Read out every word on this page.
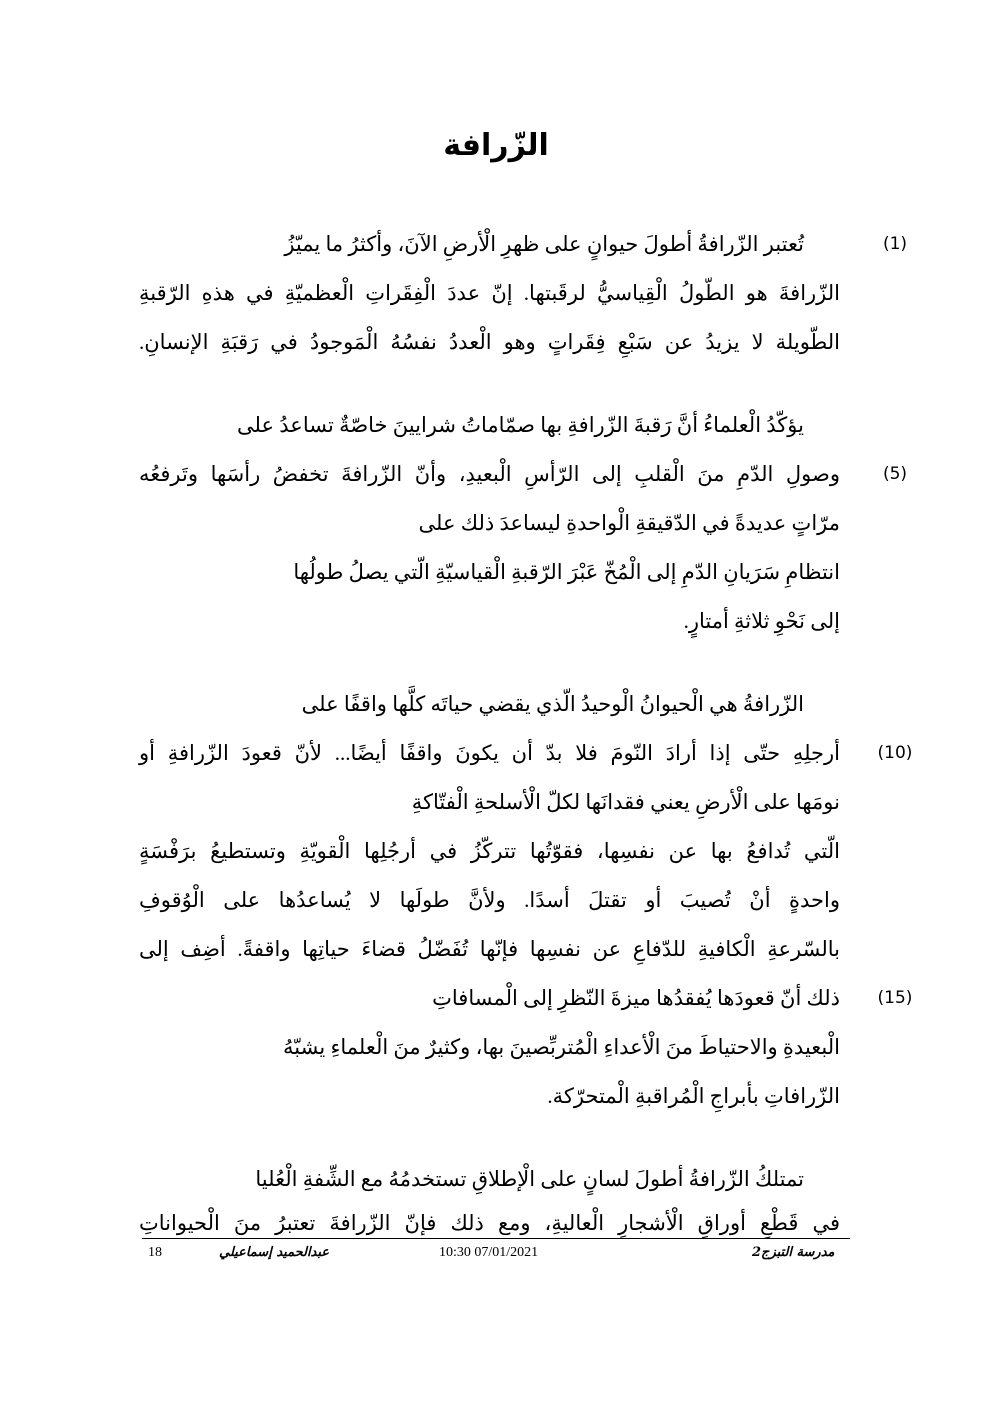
الزّرافة
(1)
تُعتبر الزّرافةُ أطولَ حيوانٍ على ظهرِ الْأرضِ الآنَ، وأكثرُ ما يميّزُ
الزّرافةَ هو الطّولُ الْقِياسيُّ لرقَبتها. إنّ عددَ الْفِقَراتِ الْعظميّةِ في هذهِ الرّقبةِ
الطّويلة لا يزيدُ عن سَبْعِ فِقَراتٍ وهو الْعددُ نفسُهُ الْمَوجودُ في رَقبَةِ الإنسانِ.
يؤكّدُ الْعلماءُ أنَّ رَقبةَ الزّرافةِ بها صمّاماتُ شرايينَ خاصّةٌ تساعدُ على
(5)
وصولِ الدّمِ منَ الْقلبِ إلى الرّأسِ الْبعيدِ، وأنّ الزّرافةَ تخفضُ رأسَها وتَرفعُه
مرّاتٍ عديدةً في الدّقيقةِ الْواحدةِ ليساعدَ ذلك على
انتظامِ سَرَيانِ الدّمِ إلى الْمُخّ عَبْرَ الرّقبةِ الْقياسيّةِ الّتي يصلُ طولُها
إلى نَحْوِ ثلاثةِ أمتارٍ.
الزّرافةُ هي الْحيوانُ الْوحيدُ الّذي يقضي حياتَه كلَّها واقفًا على
(10)
أرجلِهِ حتّى إذا أرادَ النّومَ فلا بدّ أن يكونَ واقفًا أيضًا... لأنّ قعودَ الزّرافةِ أو
نومَها على الْأرضِ يعني فقدانَها لكلّ الْأسلحةِ الْفتّاكةِ
الّتي تُدافعُ بها عن نفسِها، فقوّتُها تتركّزُ في أرجُلِها الْقويّةِ وتستطيعُ برَفْسَةٍ
واحدةٍ أنْ تُصيبَ أو تقتلَ أسدًا. ولأنَّ طولَها لا يُساعدُها على الْوُقوفِ
بالسّرعةِ الْكافيةِ للدّفاعِ عن نفسِها فإنّها تُفَضّلُ قضاءَ حياتِها واقفةً. أضِف إلى
(15)
ذلك أنّ قعودَها يُفقدُها ميزةَ النّظرِ إلى الْمسافاتِ
الْبعيدةِ والاحتياطَ منَ الْأعداءِ الْمُتربِّصينَ بها، وكثيرٌ منَ الْعلماءِ يشبّهُ
الزّرافاتِ بأبراجِ الْمُراقبةِ الْمتحرّكة.
تمتلكُ الزّرافةُ أطولَ لسانٍ على الْإطلاقِ تستخدمُهُ مع الشِّفةِ الْعُليا
في قَطْعِ أوراقِ الْأشجارِ الْعاليةِ، ومع ذلك فإنّ الزّرافةَ تعتبرُ منَ الْحيواناتِ
18	عبدالحميد إسماعيلي	10:30 07/01/2021	مدرسة التبزج2
